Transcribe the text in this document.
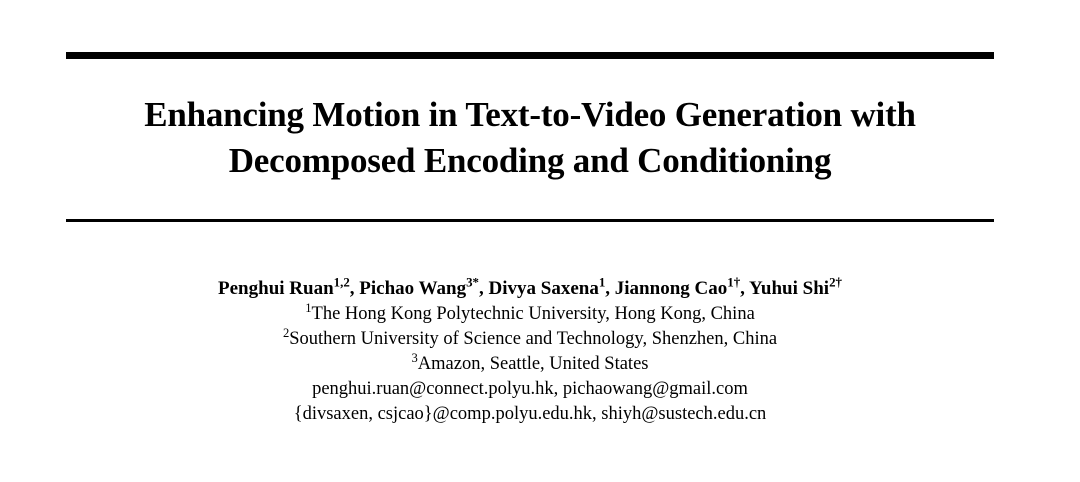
Enhancing Motion in Text-to-Video Generation with
Decomposed Encoding and Conditioning
Penghui Ruan$^{1,2}$, Pichao Wang$^{3*}$, Divya Saxena$^1$, Jiannong Cao$^{1\dagger}$, Yuhui Shi$^{2\dagger}$
$^1$The Hong Kong Polytechnic University, Hong Kong, China
$^2$Southern University of Science and Technology, Shenzhen, China
$^3$Amazon, Seattle, United States
penghui.ruan@connect.polyu.hk, pichaowang@gmail.com
{divsaxen, csjcao}@comp.polyu.edu.hk, shiyh@sustech.edu.cn
